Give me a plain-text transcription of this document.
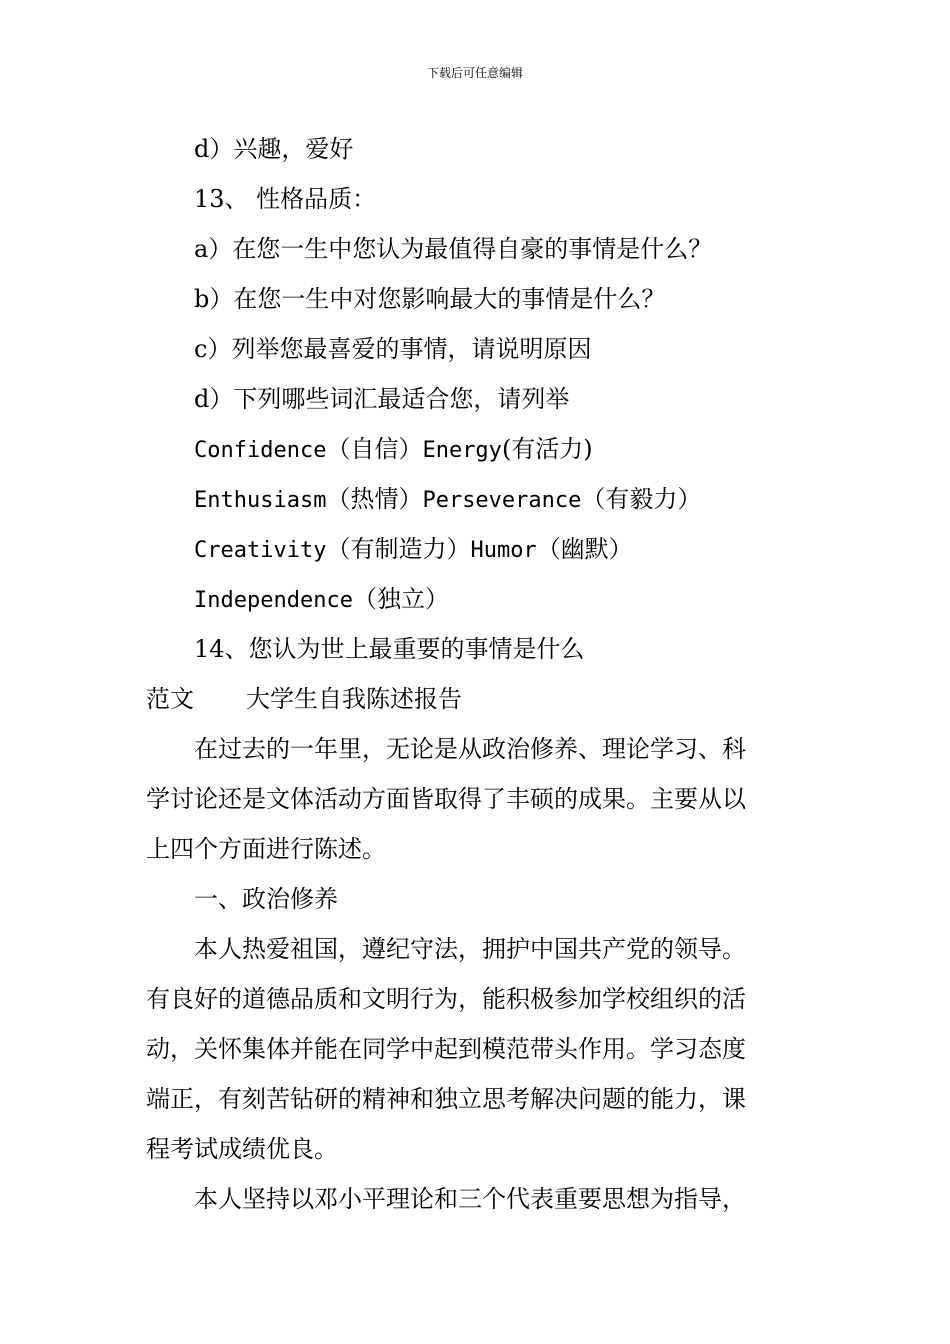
下载后可任意编辑
d）兴趣，爱好
13、 性格品质：
a）在您一生中您认为最值得自豪的事情是什么？
b）在您一生中对您影响最大的事情是什么？
c）列举您最喜爱的事情，请说明原因
d）下列哪些词汇最适合您，请列举
Confidence（自信）Energy(有活力)
Enthusiasm（热情）Perseverance（有毅力）
Creativity（有制造力）Humor（幽默）
Independence（独立）
14、您认为世上最重要的事情是什么
范文 大学生自我陈述报告
在过去的一年里，无论是从政治修养、理论学习、科
学讨论还是文体活动方面皆取得了丰硕的成果。主要从以
上四个方面进行陈述。
一、政治修养
本人热爱祖国，遵纪守法，拥护中国共产党的领导。
有良好的道德品质和文明行为，能积极参加学校组织的活
动，关怀集体并能在同学中起到模范带头作用。学习态度
端正，有刻苦钻研的精神和独立思考解决问题的能力，课
程考试成绩优良。
本人坚持以邓小平理论和三个代表重要思想为指导，
